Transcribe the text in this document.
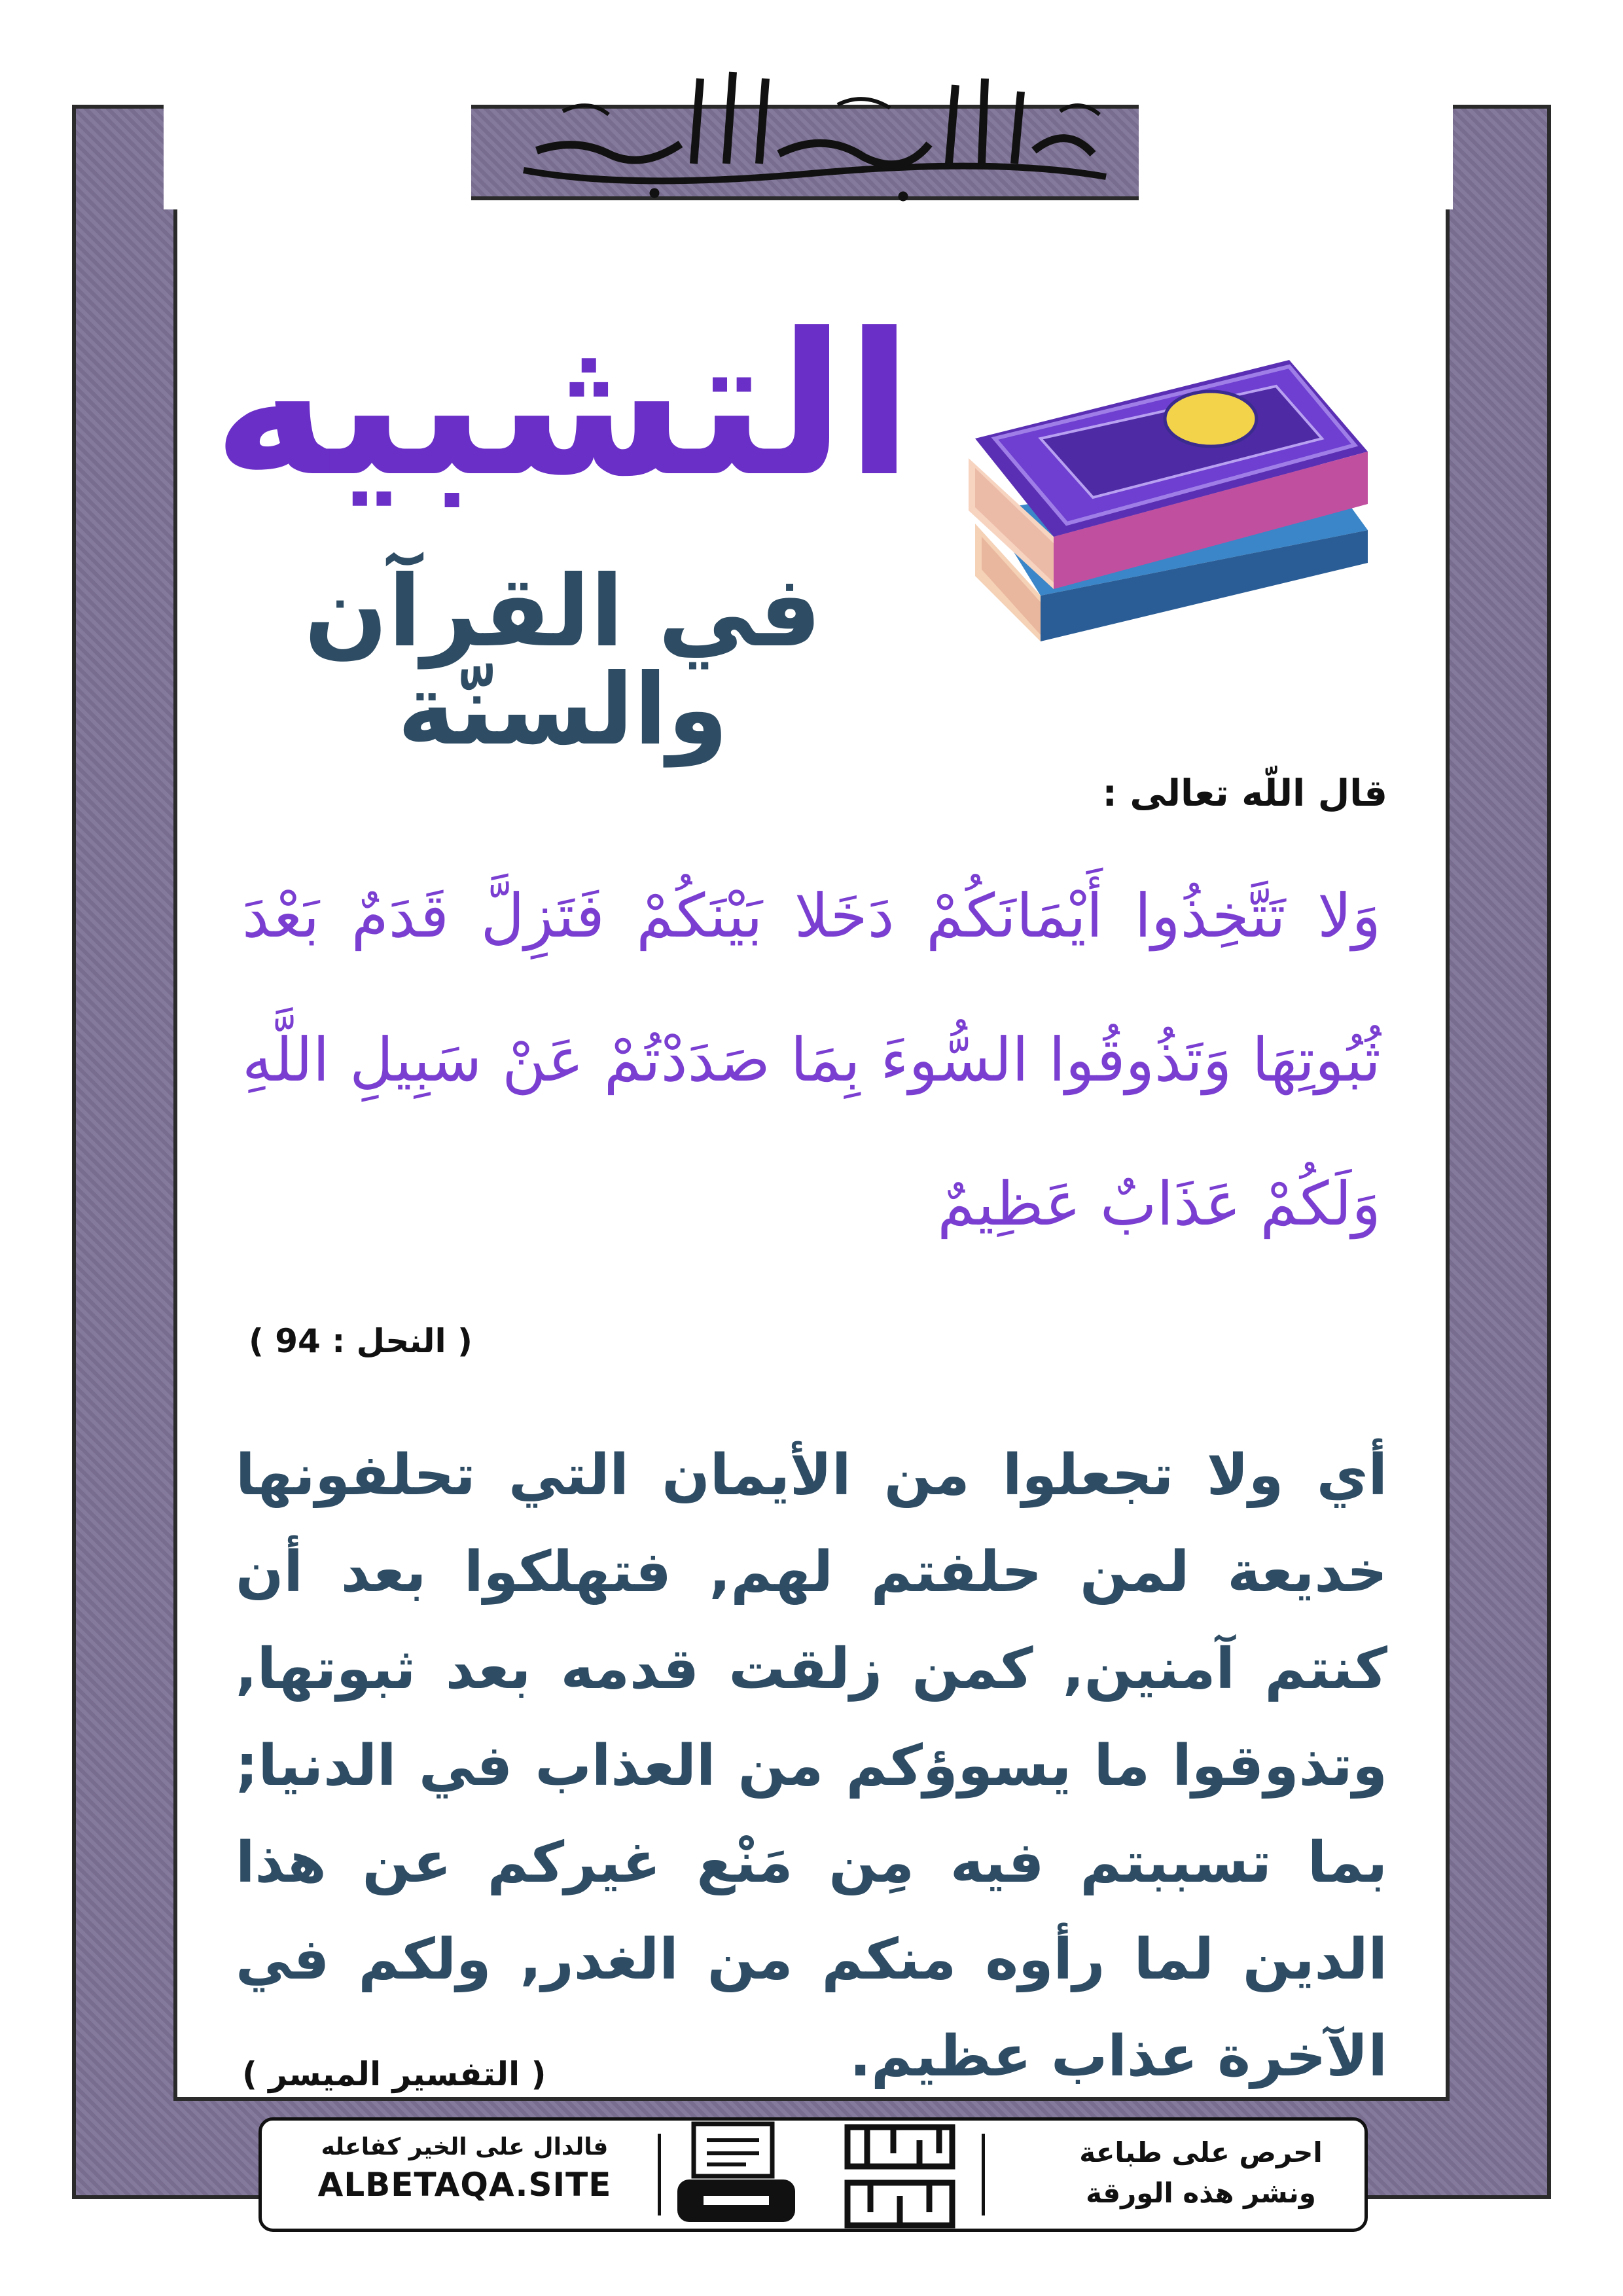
بسم الله الرحمن الرحيم
التشبيه
في القرآن والسنّة
قال اللّه تعالى :
وَلا تَتَّخِذُوا أَيْمَانَكُمْ دَخَلا بَيْنَكُمْ فَتَزِلَّ قَدَمٌ بَعْدَ ثُبُوتِهَا وَتَذُوقُوا السُّوءَ بِمَا صَدَدْتُمْ عَنْ سَبِيلِ اللَّهِ وَلَكُمْ عَذَابٌ عَظِيمٌ
( النحل : 94 )
أي ولا تجعلوا من الأيمان التي تحلفونها خديعة لمن حلفتم لهم, فتهلكوا بعد أن كنتم آمنين, كمن زلقت قدمه بعد ثبوتها, وتذوقوا ما يسوؤكم من العذاب في الدنيا; بما تسببتم فيه مِن مَنْع غيركم عن هذا الدين لما رأوه منكم من الغدر, ولكم في الآخرة عذاب عظيم.
( التفسير الميسر )
فالدال على الخير كفاعله
ALBETAQA.SITE	دعوة الورقة
احرص على طباعة
ونشر هذه الورقة
